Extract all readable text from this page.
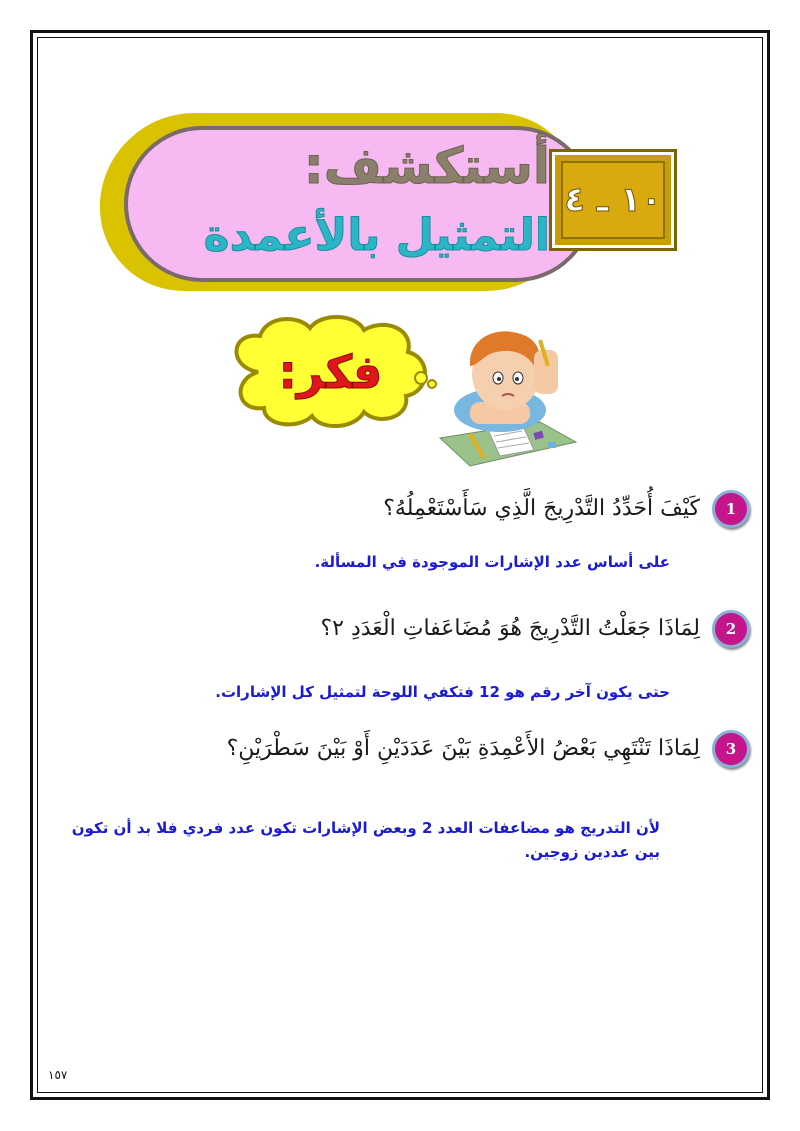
أستكشف:
التمثيل بالأعمدة
١٠ ـ ٤
فكر:
1
كَيْفَ أُحَدِّدُ التَّدْرِيجَ الَّذِي سَأَسْتَعْمِلُهُ؟
على أساس عدد الإشارات الموجودة في المسألة.
2
لِمَاذَا جَعَلْتُ التَّدْرِيجَ هُوَ مُضَاعَفاتِ الْعَدَدِ ٢؟
حتى يكون آخر رقم هو 12 فتكفي اللوحة لتمثيل كل الإشارات.
3
لِمَاذَا تَنْتَهِي بَعْضُ الأَعْمِدَةِ بَيْنَ عَدَدَيْنِ أَوْ بَيْنَ سَطْرَيْنِ؟
لأن التدريج هو مضاعفات العدد 2 وبعض الإشارات تكون عدد فردي فلا بد أن تكون
بين عددين زوجين.
١٥٧
